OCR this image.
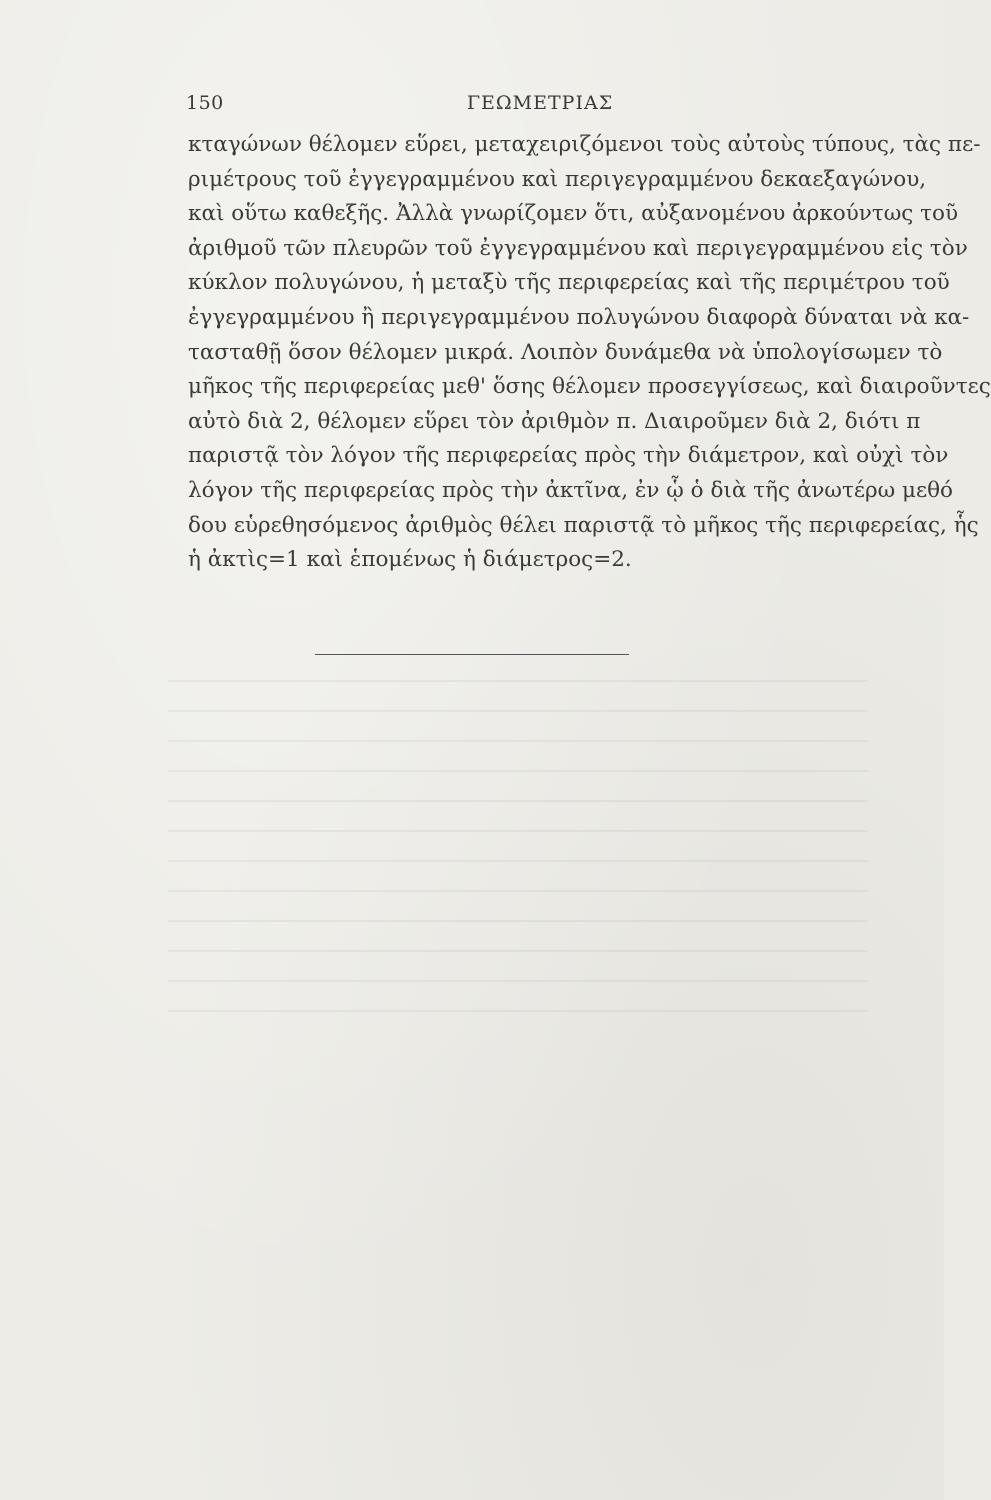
150	ΓΕΩΜΕΤΡΙΑΣ
κταγώνων θέλομεν εὕρει, μεταχειριζόμενοι τοὺς αὐτοὺς τύπους, τὰς πε-
ριμέτρους τοῦ ἐγγεγραμμένου καὶ περιγεγραμμένου δεκαεξαγώνου,
καὶ οὕτω καθεξῆς. Ἀλλὰ γνωρίζομεν ὅτι, αὐξανομένου ἀρκούντως τοῦ
ἀριθμοῦ τῶν πλευρῶν τοῦ ἐγγεγραμμένου καὶ περιγεγραμμένου εἰς τὸν
κύκλον πολυγώνου, ἡ μεταξὺ τῆς περιφερείας καὶ τῆς περιμέτρου τοῦ
ἐγγεγραμμένου ἢ περιγεγραμμένου πολυγώνου διαφορὰ δύναται νὰ κα-
τασταθῇ ὅσον θέλομεν μικρά. Λοιπὸν δυνάμεθα νὰ ὑπολογίσωμεν τὸ
μῆκος τῆς περιφερείας μεθ' ὅσης θέλομεν προσεγγίσεως, καὶ διαιροῦντες
αὐτὸ διὰ 2, θέλομεν εὕρει τὸν ἀριθμὸν π. Διαιροῦμεν διὰ 2, διότι π
παριστᾷ τὸν λόγον τῆς περιφερείας πρὸς τὴν διάμετρον, καὶ οὐχὶ τὸν
λόγον τῆς περιφερείας πρὸς τὴν ἀκτῖνα, ἐν ᾧ ὁ διὰ τῆς ἀνωτέρω μεθό
δου εὑρεθησόμενος ἀριθμὸς θέλει παριστᾷ τὸ μῆκος τῆς περιφερείας, ἧς
ἡ ἀκτὶς=1 καὶ ἑπομένως ἡ διάμετρος=2.
